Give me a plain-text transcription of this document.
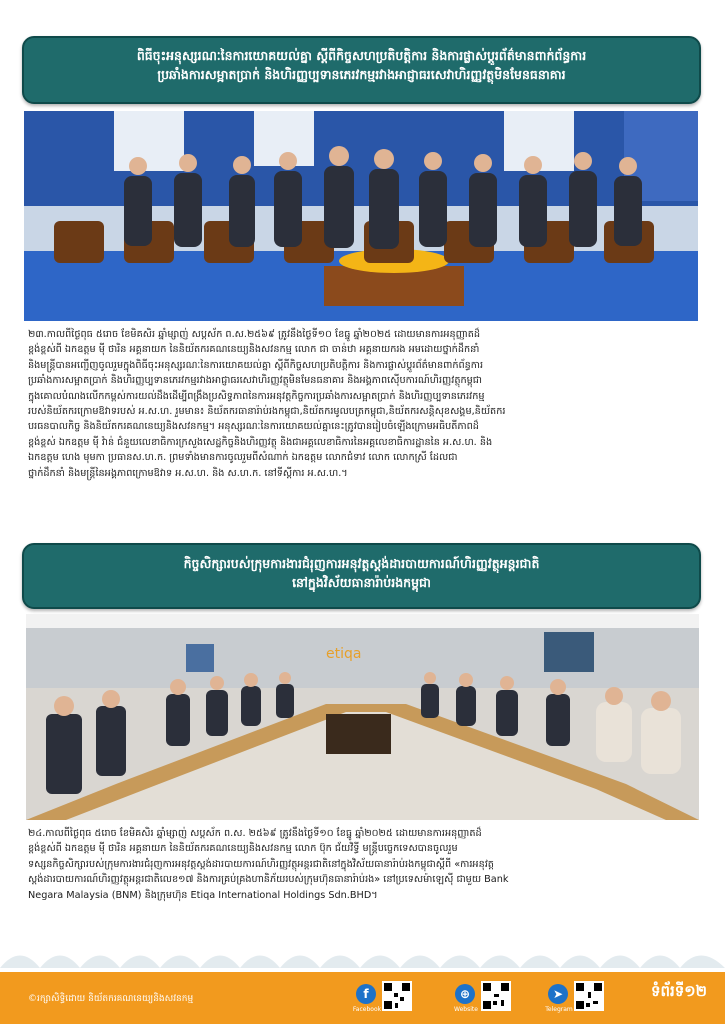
ពិធីចុះអនុស្សរណៈនៃការយោគយល់គ្នា ស្តីពីកិច្ចសហប្រតិបត្តិការ និងការផ្លាស់ប្តូរព័ត៌មានពាក់ព័ន្ធការ
ប្រឆាំងការសម្អាតប្រាក់ និងហិរញ្ញប្បទានភេរវកម្មរវាងអាជ្ញាធរសេវាហិរញ្ញវត្ថុមិនមែនធនាគារ
២៣.កាលពីថ្ងៃពុធ ៥រោច ខែមិគសិរ ឆ្នាំម្សាញ់ សប្តស័ក ព.ស.២៥៦៩ ត្រូវនឹងថ្ងៃទី១០ ខែធ្នូ ឆ្នាំ២០២៥ ដោយមានការអនុញ្ញាតដ៏
ខ្ពង់ខ្ពស់ពី ឯកឧត្តម ម៉ី ថារិន អគ្គនាយក នៃនិយ័តករគណនេយ្យនិងសវនកម្ម លោក ជា ចាន់ឋា អគ្គនាយករង អមដោយថ្នាក់ដឹកនាំ
និងមន្ត្រីបានអញ្ជើញចូលរួមក្នុងពិធីចុះអនុស្សរណៈនៃការយោគយល់គ្នា ស្តីពីកិច្ចសហប្រតិបត្តិការ និងការផ្លាស់ប្តូរព័ត៌មានពាក់ព័ន្ធការ
ប្រឆាំងការសម្អាតប្រាក់ និងហិរញ្ញប្បទានភេរវកម្មរវាងអាជ្ញាធរសេវាហិរញ្ញវត្ថុមិនមែនធនាគារ និងអង្គភាពស៊ើបការណ៍ហិរញ្ញវត្ថុកម្ពុជា
ក្នុងគោលបំណងលើកកម្ពស់ការយល់ដឹងដើម្បីពង្រឹងប្រសិទ្ធភាពនៃការអនុវត្តកិច្ចការប្រឆាំងការសម្អាតប្រាក់ និងហិរញ្ញប្បទានភេរវកម្ម
របស់និយ័តករក្រោមឱវាទរបស់ អ.ស.ហ. រួមមាន៖ និយ័តករធានារ៉ាប់រងកម្ពុជា,និយ័តករមូលបត្រកម្ពុជា,និយ័តករសន្តិសុខសង្គម,និយ័តករ
បរធនបាលកិច្ច និងនិយ័តករគណនេយ្យនិងសវនកម្ម។ អនុស្សរណៈនៃការយោគយល់គ្នានេះត្រូវបានរៀបចំឡើងក្រោមអធិបតីភាពដ៏
ខ្ពង់ខ្ពស់ ឯកឧត្តម ម៉ី វ៉ាន់ ជំនួយលេខាធិការក្រសួងសេដ្ឋកិច្ចនិងហិរញ្ញវត្ថុ និងជាអគ្គលេខាធិការនៃអគ្គលេខាធិការដ្ឋាននៃ អ.ស.ហ. និង
ឯកឧត្តម ហេង មុមកា ប្រធានស.ហ.ក. ព្រមទាំងមានការចូលរួមពីសំណាក់ ឯកឧត្តម លោកជំទាវ លោក លោកស្រី ដែលជា
ថ្នាក់ដឹកនាំ និងមន្ត្រីនៃអង្គភាពក្រោមឱវាទ អ.ស.ហ. និង ស.ហ.ក. នៅទីស្តីការ អ.ស.ហ.។
កិច្ចសិក្សារបស់ក្រុមការងារជំរុញការអនុវត្តស្តង់ដារបាយការណ៍ហិរញ្ញវត្ថុអន្តរជាតិ
នៅក្នុងវិស័យធានារ៉ាប់រងកម្ពុជា
etiqa
២៤.កាលពីថ្ងៃពុធ ៥រោច ខែមិគសិរ ឆ្នាំម្សាញ់ សប្តស័ក ព.ស. ២៥៦៩ ត្រូវនឹងថ្ងៃទី១០ ខែធ្នូ ឆ្នាំ២០២៥ ដោយមានការអនុញ្ញាតដ៏
ខ្ពង់ខ្ពស់ពី ឯកឧត្តម ម៉ី ថារិន អគ្គនាយក នៃនិយ័តករគណនេយ្យនិងសវនកម្ម លោក ប៊ុក ជ័យវិទ្ធី មន្ត្រីបច្ចេកទេសបានចូលរួម
ទស្សនកិច្ចសិក្សារបស់ក្រុមការងារជំរុញការអនុវត្តស្តង់ដារបាយការណ៍ហិរញ្ញវត្ថុអន្តរជាតិនៅក្នុងវិស័យធានារ៉ាប់រងកម្ពុជាស្តីពី «ការអនុវត្ត
ស្តង់ដារបាយការណ៍ហិរញ្ញវត្ថុអន្តរជាតិលេខ១៧ និងការគ្រប់គ្រងហានិភ័យរបស់ក្រុមហ៊ុនធានារ៉ាប់រង» នៅប្រទេសម៉ាឡេស៊ី ជាមួយ Bank
Negara Malaysia (BNM) និងក្រុមហ៊ុន Etiqa International Holdings Sdn.BHD។
©រក្សាសិទ្ធិដោយ និយ័តករគណនេយ្យនិងសវនកម្ម	f
Facebook
⊕
Website
➤
Telegram
ទំព័រទី១២
